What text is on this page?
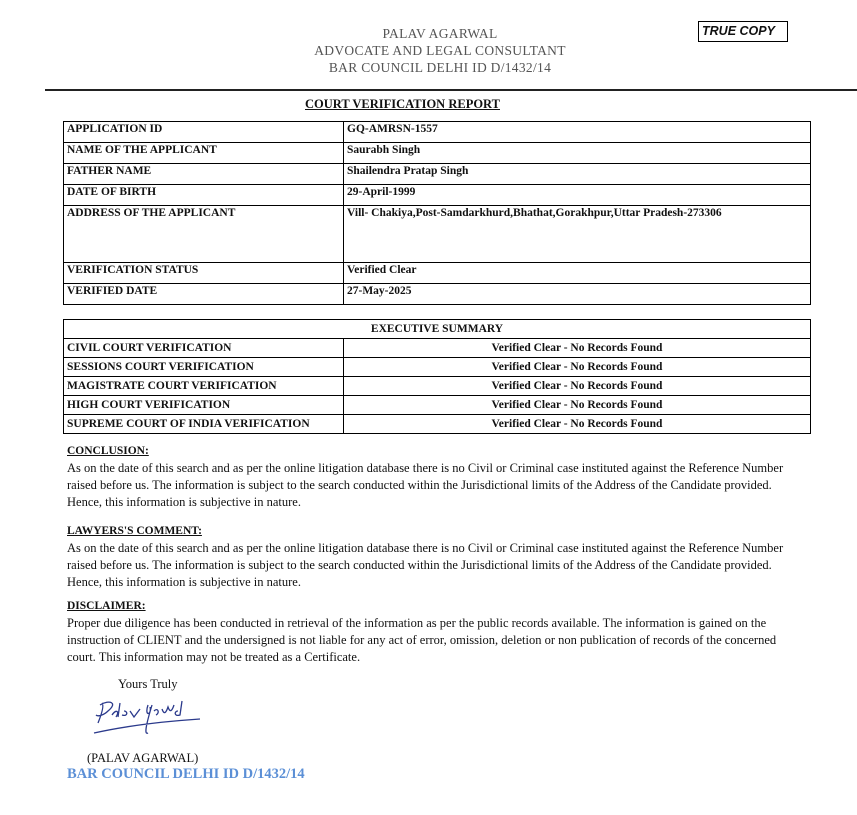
PALAV AGARWAL
ADVOCATE AND LEGAL CONSULTANT
BAR COUNCIL DELHI ID D/1432/14
TRUE COPY
COURT VERIFICATION REPORT
APPLICATION ID	GQ-AMRSN-1557
NAME OF THE APPLICANT	Saurabh Singh
FATHER NAME	Shailendra Pratap Singh
DATE OF BIRTH	29-April-1999
ADDRESS OF THE APPLICANT	Vill- Chakiya,Post-Samdarkhurd,Bhathat,Gorakhpur,Uttar Pradesh-273306
VERIFICATION STATUS	Verified Clear
VERIFIED DATE	27-May-2025
EXECUTIVE SUMMARY	
CIVIL COURT VERIFICATION	Verified Clear - No Records Found
SESSIONS COURT VERIFICATION	Verified Clear - No Records Found
MAGISTRATE COURT VERIFICATION	Verified Clear - No Records Found
HIGH COURT VERIFICATION	Verified Clear - No Records Found
SUPREME COURT OF INDIA VERIFICATION	Verified Clear - No Records Found
CONCLUSION:

As on the date of this search and as per the online litigation database there is no Civil or Criminal case instituted against the Reference Number raised before us. The information is subject to the search conducted within the Jurisdictional limits of the Address of the Candidate provided. Hence, this information is subjective in nature.

LAWYERS'S COMMENT:

As on the date of this search and as per the online litigation database there is no Civil or Criminal case instituted against the Reference Number raised before us. The information is subject to the search conducted within the Jurisdictional limits of the Address of the Candidate provided. Hence, this information is subjective in nature.

DISCLAIMER:

Proper due diligence has been conducted in retrieval of the information as per the public records available. The information is gained on the instruction of CLIENT and the undersigned is not liable for any act of error, omission, deletion or non publication of records of the concerned court. This information may not be treated as a Certificate.

Yours Truly
(PALAV AGARWAL)
BAR COUNCIL DELHI ID D/1432/14
